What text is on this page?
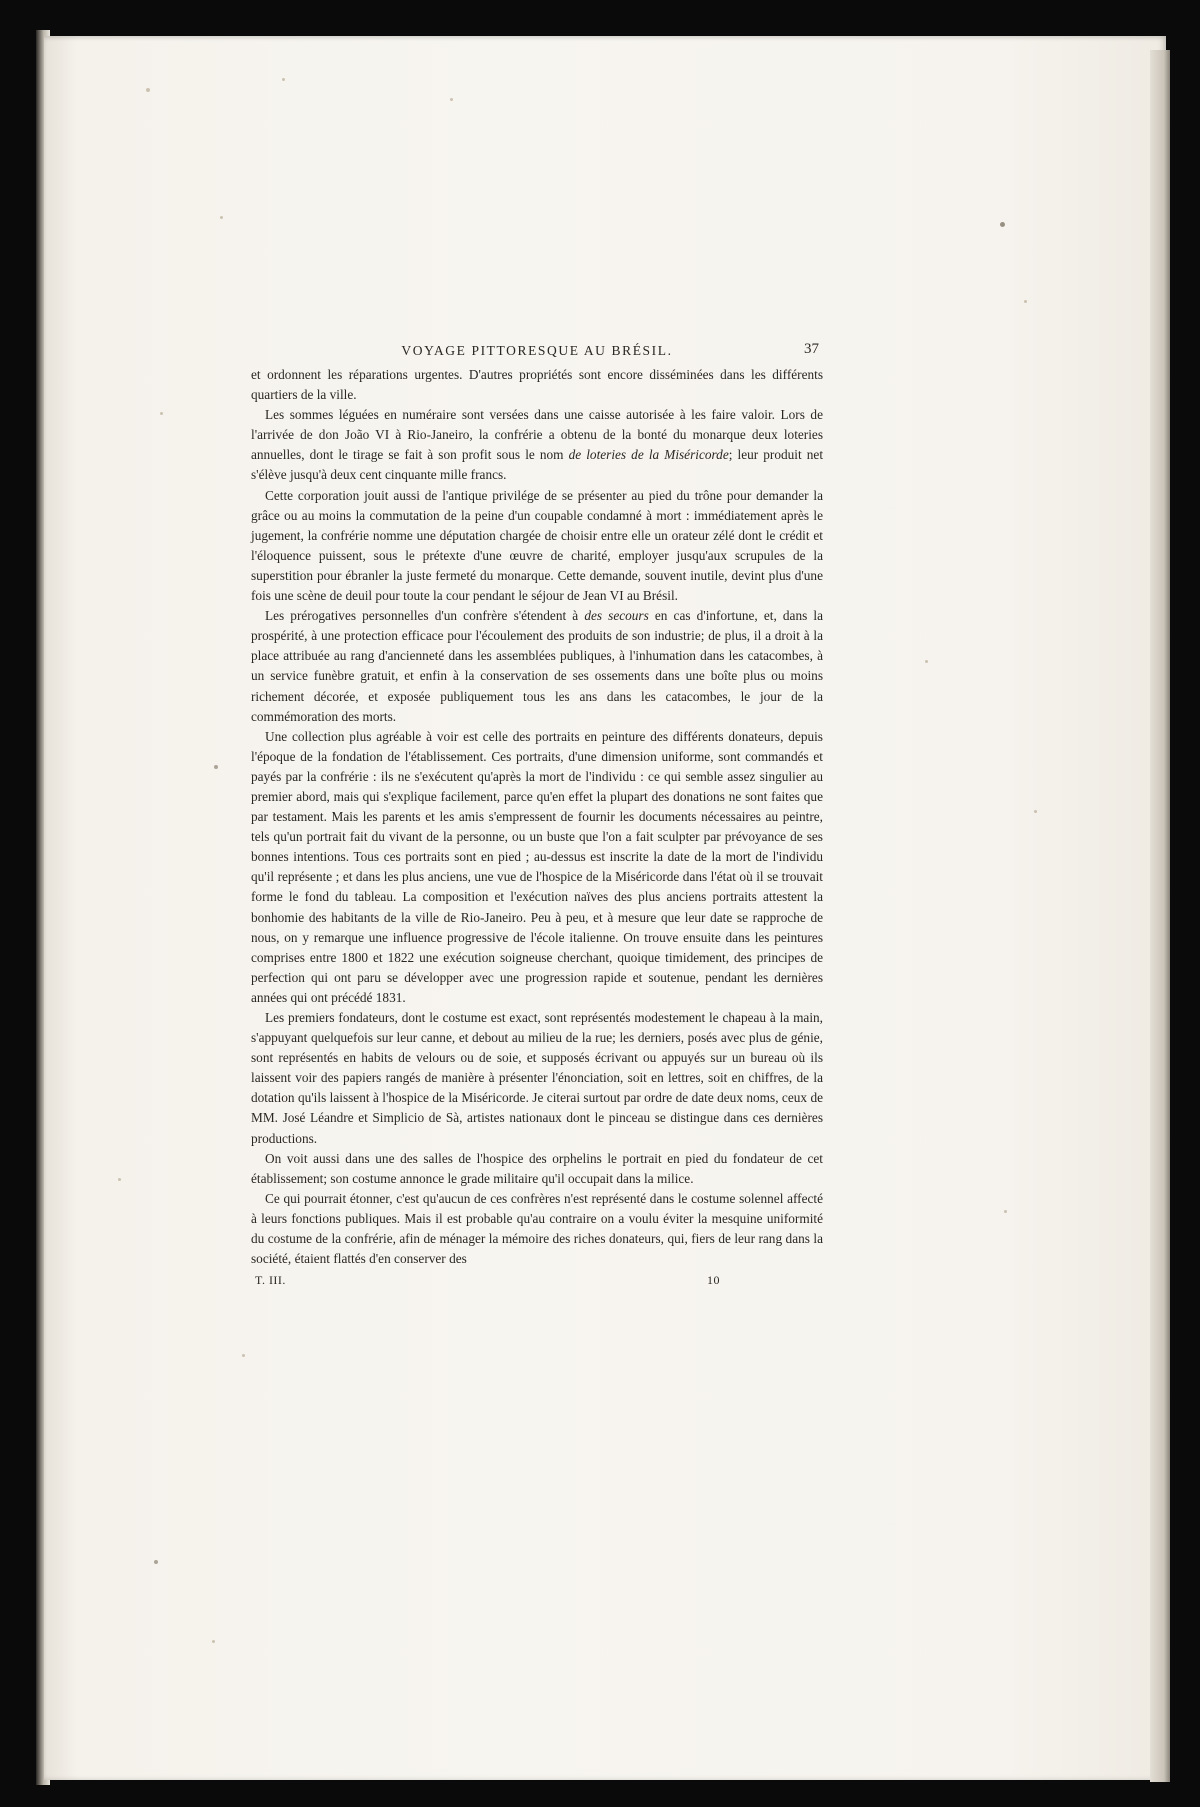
VOYAGE PITTORESQUE AU BRÉSIL.	37

et ordonnent les réparations urgentes. D'autres propriétés sont encore disséminées dans les différents quartiers de la ville.

Les sommes léguées en numéraire sont versées dans une caisse autorisée à les faire valoir. Lors de l'arrivée de don João VI à Rio-Janeiro, la confrérie a obtenu de la bonté du monarque deux loteries annuelles, dont le tirage se fait à son profit sous le nom de loteries de la Miséricorde; leur produit net s'élève jusqu'à deux cent cinquante mille francs.

Cette corporation jouit aussi de l'antique privilége de se présenter au pied du trône pour demander la grâce ou au moins la commutation de la peine d'un coupable condamné à mort : immédiatement après le jugement, la confrérie nomme une députation chargée de choisir entre elle un orateur zélé dont le crédit et l'éloquence puissent, sous le prétexte d'une œuvre de charité, employer jusqu'aux scrupules de la superstition pour ébranler la juste fermeté du monarque. Cette demande, souvent inutile, devint plus d'une fois une scène de deuil pour toute la cour pendant le séjour de Jean VI au Brésil.

Les prérogatives personnelles d'un confrère s'étendent à des secours en cas d'infortune, et, dans la prospérité, à une protection efficace pour l'écoulement des produits de son industrie; de plus, il a droit à la place attribuée au rang d'ancienneté dans les assemblées publiques, à l'inhumation dans les catacombes, à un service funèbre gratuit, et enfin à la conservation de ses ossements dans une boîte plus ou moins richement décorée, et exposée publiquement tous les ans dans les catacombes, le jour de la commémoration des morts.

Une collection plus agréable à voir est celle des portraits en peinture des différents donateurs, depuis l'époque de la fondation de l'établissement. Ces portraits, d'une dimension uniforme, sont commandés et payés par la confrérie : ils ne s'exécutent qu'après la mort de l'individu : ce qui semble assez singulier au premier abord, mais qui s'explique facilement, parce qu'en effet la plupart des donations ne sont faites que par testament. Mais les parents et les amis s'empressent de fournir les documents nécessaires au peintre, tels qu'un portrait fait du vivant de la personne, ou un buste que l'on a fait sculpter par prévoyance de ses bonnes intentions. Tous ces portraits sont en pied ; au-dessus est inscrite la date de la mort de l'individu qu'il représente ; et dans les plus anciens, une vue de l'hospice de la Miséricorde dans l'état où il se trouvait forme le fond du tableau. La composition et l'exécution naïves des plus anciens portraits attestent la bonhomie des habitants de la ville de Rio-Janeiro. Peu à peu, et à mesure que leur date se rapproche de nous, on y remarque une influence progressive de l'école italienne. On trouve ensuite dans les peintures comprises entre 1800 et 1822 une exécution soigneuse cherchant, quoique timidement, des principes de perfection qui ont paru se développer avec une progression rapide et soutenue, pendant les dernières années qui ont précédé 1831.

Les premiers fondateurs, dont le costume est exact, sont représentés modestement le chapeau à la main, s'appuyant quelquefois sur leur canne, et debout au milieu de la rue; les derniers, posés avec plus de génie, sont représentés en habits de velours ou de soie, et supposés écrivant ou appuyés sur un bureau où ils laissent voir des papiers rangés de manière à présenter l'énonciation, soit en lettres, soit en chiffres, de la dotation qu'ils laissent à l'hospice de la Miséricorde. Je citerai surtout par ordre de date deux noms, ceux de MM. José Léandre et Simplicio de Sà, artistes nationaux dont le pinceau se distingue dans ces dernières productions.

On voit aussi dans une des salles de l'hospice des orphelins le portrait en pied du fondateur de cet établissement; son costume annonce le grade militaire qu'il occupait dans la milice.

Ce qui pourrait étonner, c'est qu'aucun de ces confrères n'est représenté dans le costume solennel affecté à leurs fonctions publiques. Mais il est probable qu'au contraire on a voulu éviter la mesquine uniformité du costume de la confrérie, afin de ménager la mémoire des riches donateurs, qui, fiers de leur rang dans la société, étaient flattés d'en conserver des

T. III.	10
